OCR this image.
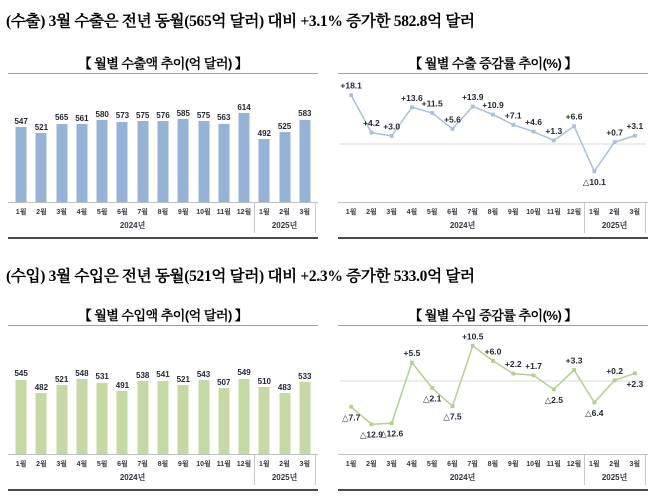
(수출) 3월 수출은 전년 동월(565억 달러) 대비 +3.1% 증가한 582.8억 달러
【 월별 수출액 추이(억 달러) 】
547
521
565 561 580 573 575 576 585 575 563
614
492
525
583
1월	2월	3월	4월	5월	6월	7월	8월	9월	10월 11월 12월	1월	2월	3월
2024년	2025년
【 월별 수출 증감률 추이(%) 】
+18.1
+4.2 +3.0
+13.6
+11.5
+5.6
+13.9
+10.9
+7.1
+4.6
+1.3
+6.6
△10.1
+0.7
+3.1
1월	2월	3월	4월	5월	6월	7월	8월	9월	10월 11월 12월	1월	2월	3월
2024년	2025년
(수입) 3월 수입은 전년 동월(521억 달러) 대비 +2.3% 증가한 533.0억 달러
【 월별 수입액 추이(억 달러) 】
545
482
521
548 531
491
538 541 521
543
507
549
510
483
533
1월	2월	3월	4월	5월	6월	7월	8월	9월	10월 11월 12월	1월	2월	3월
2024년	2025년
【 월별 수입 증감률 추이(%) 】
△7.7
△12.9
△12.6
+5.5
△2.1
△7.5
+10.5
+6.0
+2.2 +1.7
△2.5
+3.3
△6.4
+0.2
+2.3
1월	2월	3월	4월	5월	6월	7월	8월	9월	10월 11월 12월	1월	2월	3월
2024년	2025년
